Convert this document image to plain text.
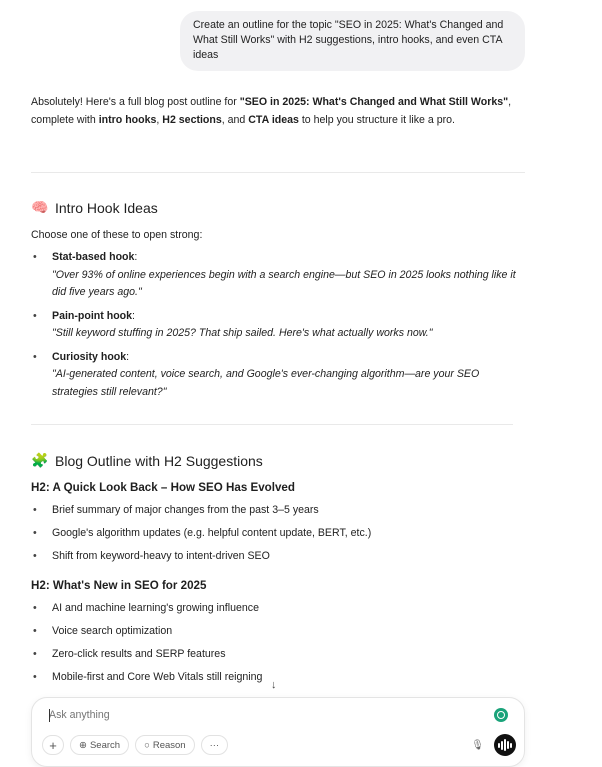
Create an outline for the topic "SEO in 2025: What's Changed and What Still Works" with H2 suggestions, intro hooks, and even CTA ideas

Absolutely! Here's a full blog post outline for "SEO in 2025: What's Changed and What Still Works", complete with intro hooks, H2 sections, and CTA ideas to help you structure it like a pro.

🧠 Intro Hook Ideas
Choose one of these to open strong:
• Stat-based hook:
"Over 93% of online experiences begin with a search engine—but SEO in 2025 looks nothing like it did five years ago."
• Pain-point hook:
"Still keyword stuffing in 2025? That ship sailed. Here's what actually works now."
• Curiosity hook:
"AI-generated content, voice search, and Google's ever-changing algorithm—are your SEO strategies still relevant?"
🧩 Blog Outline with H2 Suggestions
H2: A Quick Look Back – How SEO Has Evolved
• Brief summary of major changes from the past 3–5 years
• Google's algorithm updates (e.g. helpful content update, BERT, etc.)
• Shift from keyword-heavy to intent-driven SEO
H2: What's New in SEO for 2025
• AI and machine learning's growing influence
• Voice search optimization
• Zero-click results and SERP features
• Mobile-first and Core Web Vitals still reigning
↓
Ask anything
+ ⊕ Search	○ Reason	···	🎙
